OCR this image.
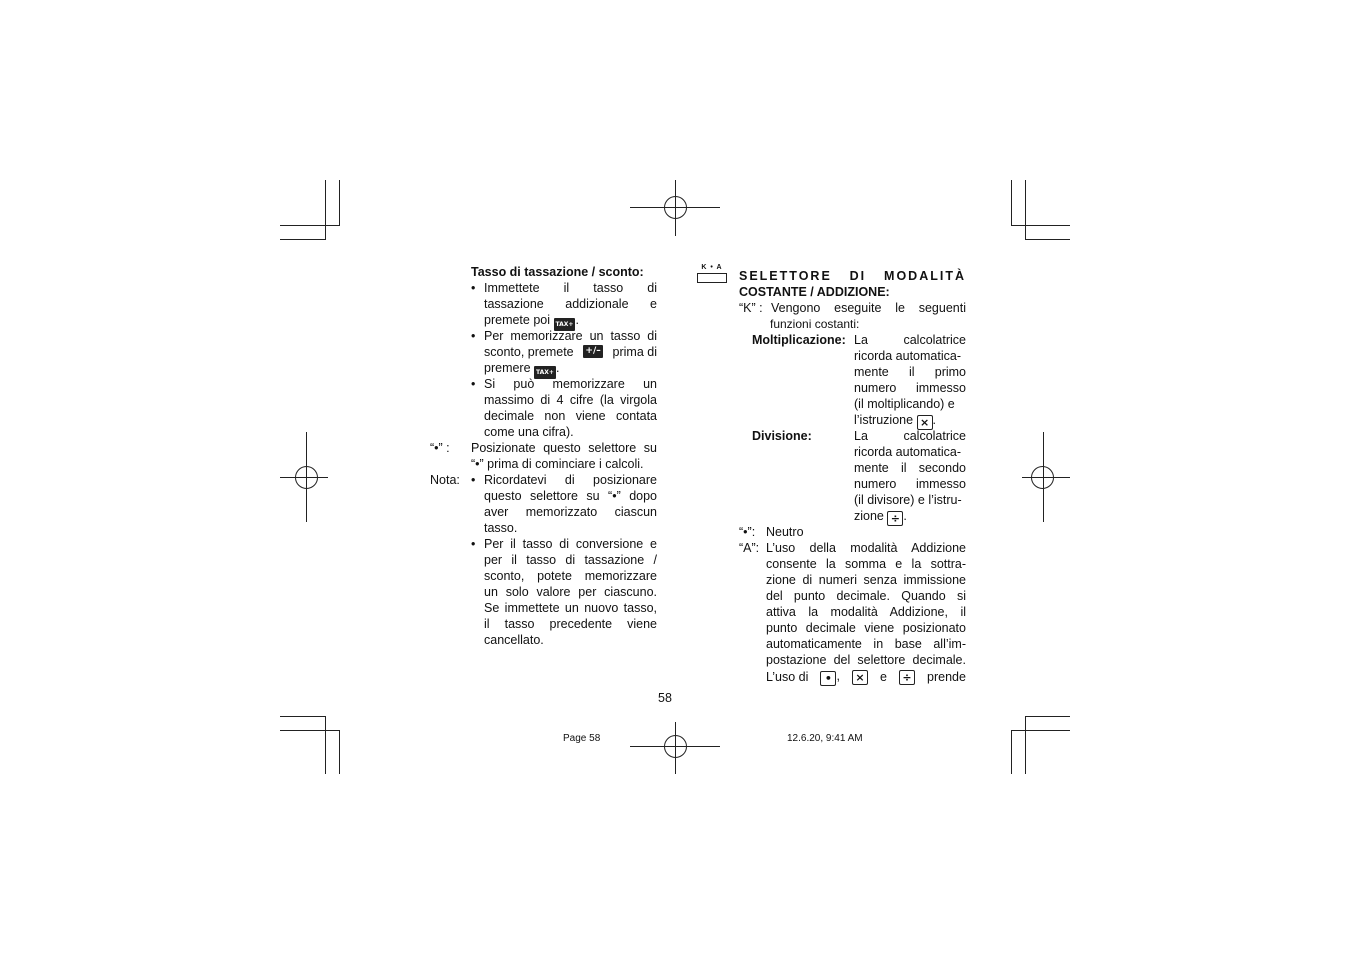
Tasso di tassazione / sconto:
• Immettete il tasso di
tassazione addizionale e
premete poi TAX+ .
• Per memorizzare un tasso di
sconto, premete +/– prima di
premere TAX+ .
• Si può memorizzare un
massimo di 4 cifre (la virgola
decimale non viene contata
come una cifra).
“•” : Posizionate questo selettore su
“•” prima di cominciare i calcoli.
Nota: • Ricordatevi di posizionare
questo selettore su “•” dopo
aver memorizzato ciascun
tasso.
• Per il tasso di conversione e
per il tasso di tassazione /
sconto, potete memorizzare
un solo valore per ciascuno.
Se immettete un nuovo tasso,
il tasso precedente viene
cancellato.
K • A
SELETTORE DI MODALITÀ
COSTANTE / ADDIZIONE:
“K” : Vengono eseguite le seguenti
funzioni costanti:
Moltiplicazione: La calcolatrice
ricorda automatica-
mente il primo
numero immesso
(il moltiplicando) e
l’istruzione × .
Divisione:	La calcolatrice
ricorda automatica-
mente il secondo
numero immesso
(il divisore) e l’istru-
zione ÷ .
“•”: Neutro
“A”: L’uso della modalità Addizione
consente la somma e la sottra-
zione di numeri senza immissione
del punto decimale. Quando si
attiva la modalità Addizione, il
punto decimale viene posizionato
automaticamente in base all’im-
postazione del selettore decimale.
L’uso di	• ,	× e	÷ prende
58
Page 58	12.6.20, 9:41 AM
